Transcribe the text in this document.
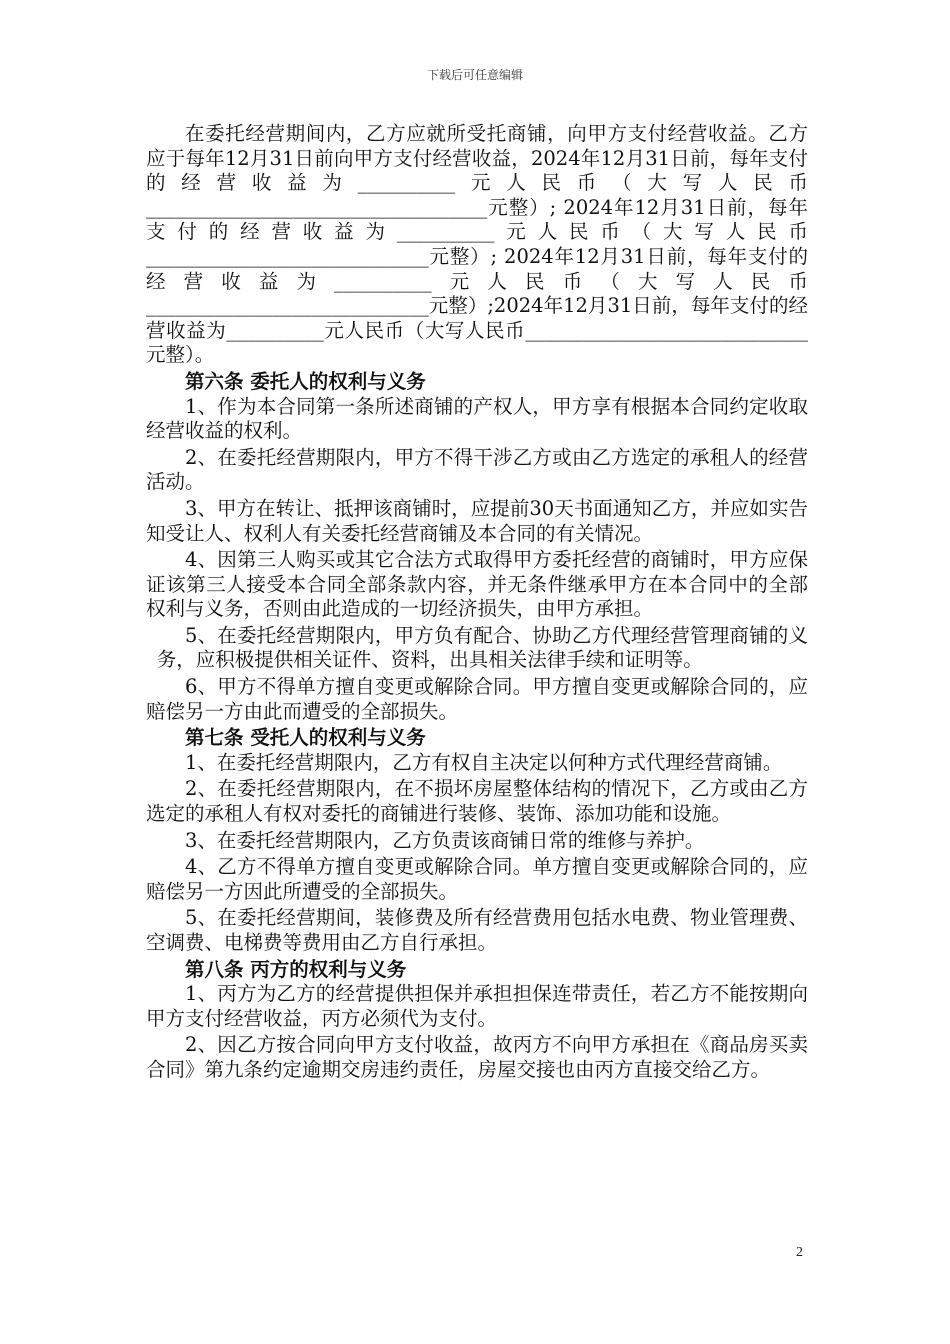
下载后可任意编辑

在委托经营期间内，乙方应就所受托商铺，向甲方支付经营收益。乙方应于每年12月31日前向甲方支付经营收益，2024年12月31日前，每年支付的经营收益为__________元人民币（大写人民币___________________________________元整）; 2024年12月31日前，每年支付的经营收益为__________元人民币（大写人民币_____________________________元整）; 2024年12月31日前，每年支付的经营收益为__________元人民币（大写人民币_____________________________元整）;2024年12月31日前，每年支付的经营收益为__________元人民币（大写人民币_____________________________元整）。

第六条 委托人的权利与义务

1、作为本合同第一条所述商铺的产权人，甲方享有根据本合同约定收取经营收益的权利。

2、在委托经营期限内，甲方不得干涉乙方或由乙方选定的承租人的经营活动。

3、甲方在转让、抵押该商铺时，应提前30天书面通知乙方，并应如实告知受让人、权利人有关委托经营商铺及本合同的有关情况。

4、因第三人购买或其它合法方式取得甲方委托经营的商铺时，甲方应保证该第三人接受本合同全部条款内容，并无条件继承甲方在本合同中的全部权利与义务，否则由此造成的一切经济损失，由甲方承担。

5、在委托经营期限内，甲方负有配合、协助乙方代理经营管理商铺的义务，应积极提供相关证件、资料，出具相关法律手续和证明等。

6、甲方不得单方擅自变更或解除合同。甲方擅自变更或解除合同的，应赔偿另一方由此而遭受的全部损失。

第七条 受托人的权利与义务

1、在委托经营期限内，乙方有权自主决定以何种方式代理经营商铺。

2、在委托经营期限内，在不损坏房屋整体结构的情况下，乙方或由乙方选定的承租人有权对委托的商铺进行装修、装饰、添加功能和设施。

3、在委托经营期限内，乙方负责该商铺日常的维修与养护。

4、乙方不得单方擅自变更或解除合同。单方擅自变更或解除合同的，应赔偿另一方因此所遭受的全部损失。

5、在委托经营期间，装修费及所有经营费用包括水电费、物业管理费、空调费、电梯费等费用由乙方自行承担。

第八条 丙方的权利与义务

1、丙方为乙方的经营提供担保并承担担保连带责任，若乙方不能按期向甲方支付经营收益，丙方必须代为支付。

2、因乙方按合同向甲方支付收益，故丙方不向甲方承担在《商品房买卖合同》第九条约定逾期交房违约责任，房屋交接也由丙方直接交给乙方。

2
